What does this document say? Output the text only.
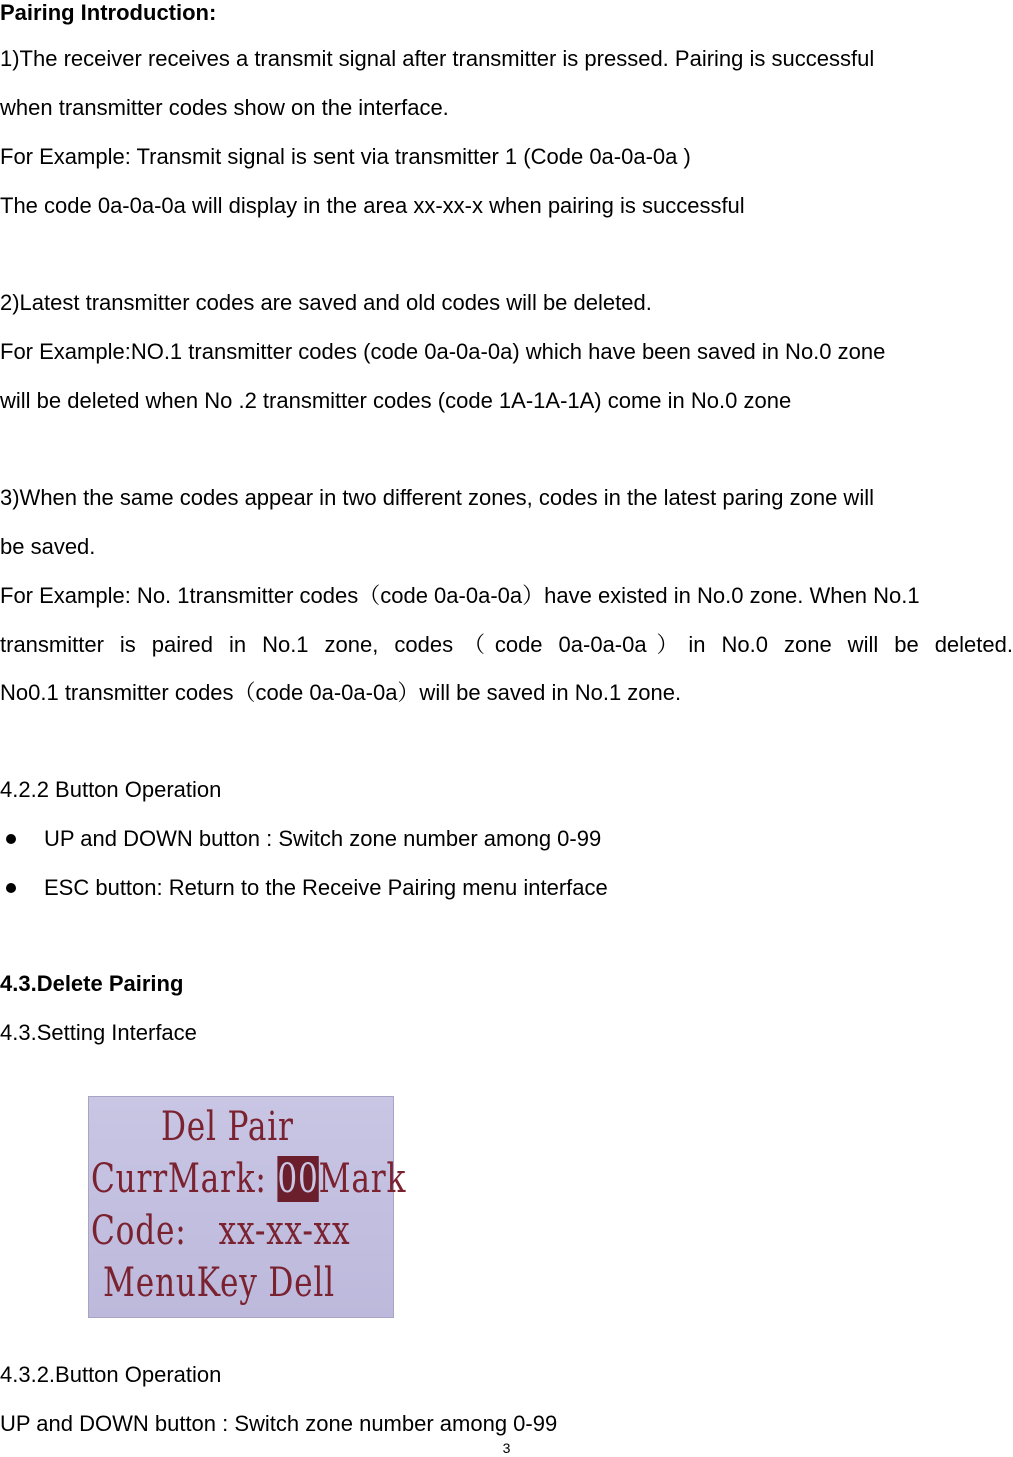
Pairing Introduction:
1)The receiver receives a transmit signal after transmitter is pressed. Pairing is successful
when transmitter codes show on the interface.
For Example: Transmit signal is sent via transmitter 1 (Code 0a-0a-0a )
The code 0a-0a-0a will display in the area xx-xx-x when pairing is successful
2)Latest transmitter codes are saved and old codes will be deleted.
For Example:NO.1 transmitter codes (code 0a-0a-0a) which have been saved in No.0 zone
will be deleted when No .2 transmitter codes (code 1A-1A-1A) come in No.0 zone
3)When the same codes appear in two different zones, codes in the latest paring zone will
be saved.
For Example: No. 1transmitter codes（code 0a-0a-0a）have existed in No.0 zone. When No.1
transmitter is paired in No.1 zone, codes（code 0a-0a-0a）in No.0 zone will be deleted.
No0.1 transmitter codes（code 0a-0a-0a）will be saved in No.1 zone.
4.2.2 Button Operation
UP and DOWN button : Switch zone number among 0-99
ESC button: Return to the Receive Pairing menu interface
4.3.Delete Pairing
4.3.Setting Interface
Del Pair
CurrMark: 00Mark
Code: xx-xx-xx
MenuKey Dell
4.3.2.Button Operation
UP and DOWN button : Switch zone number among 0-99
3
